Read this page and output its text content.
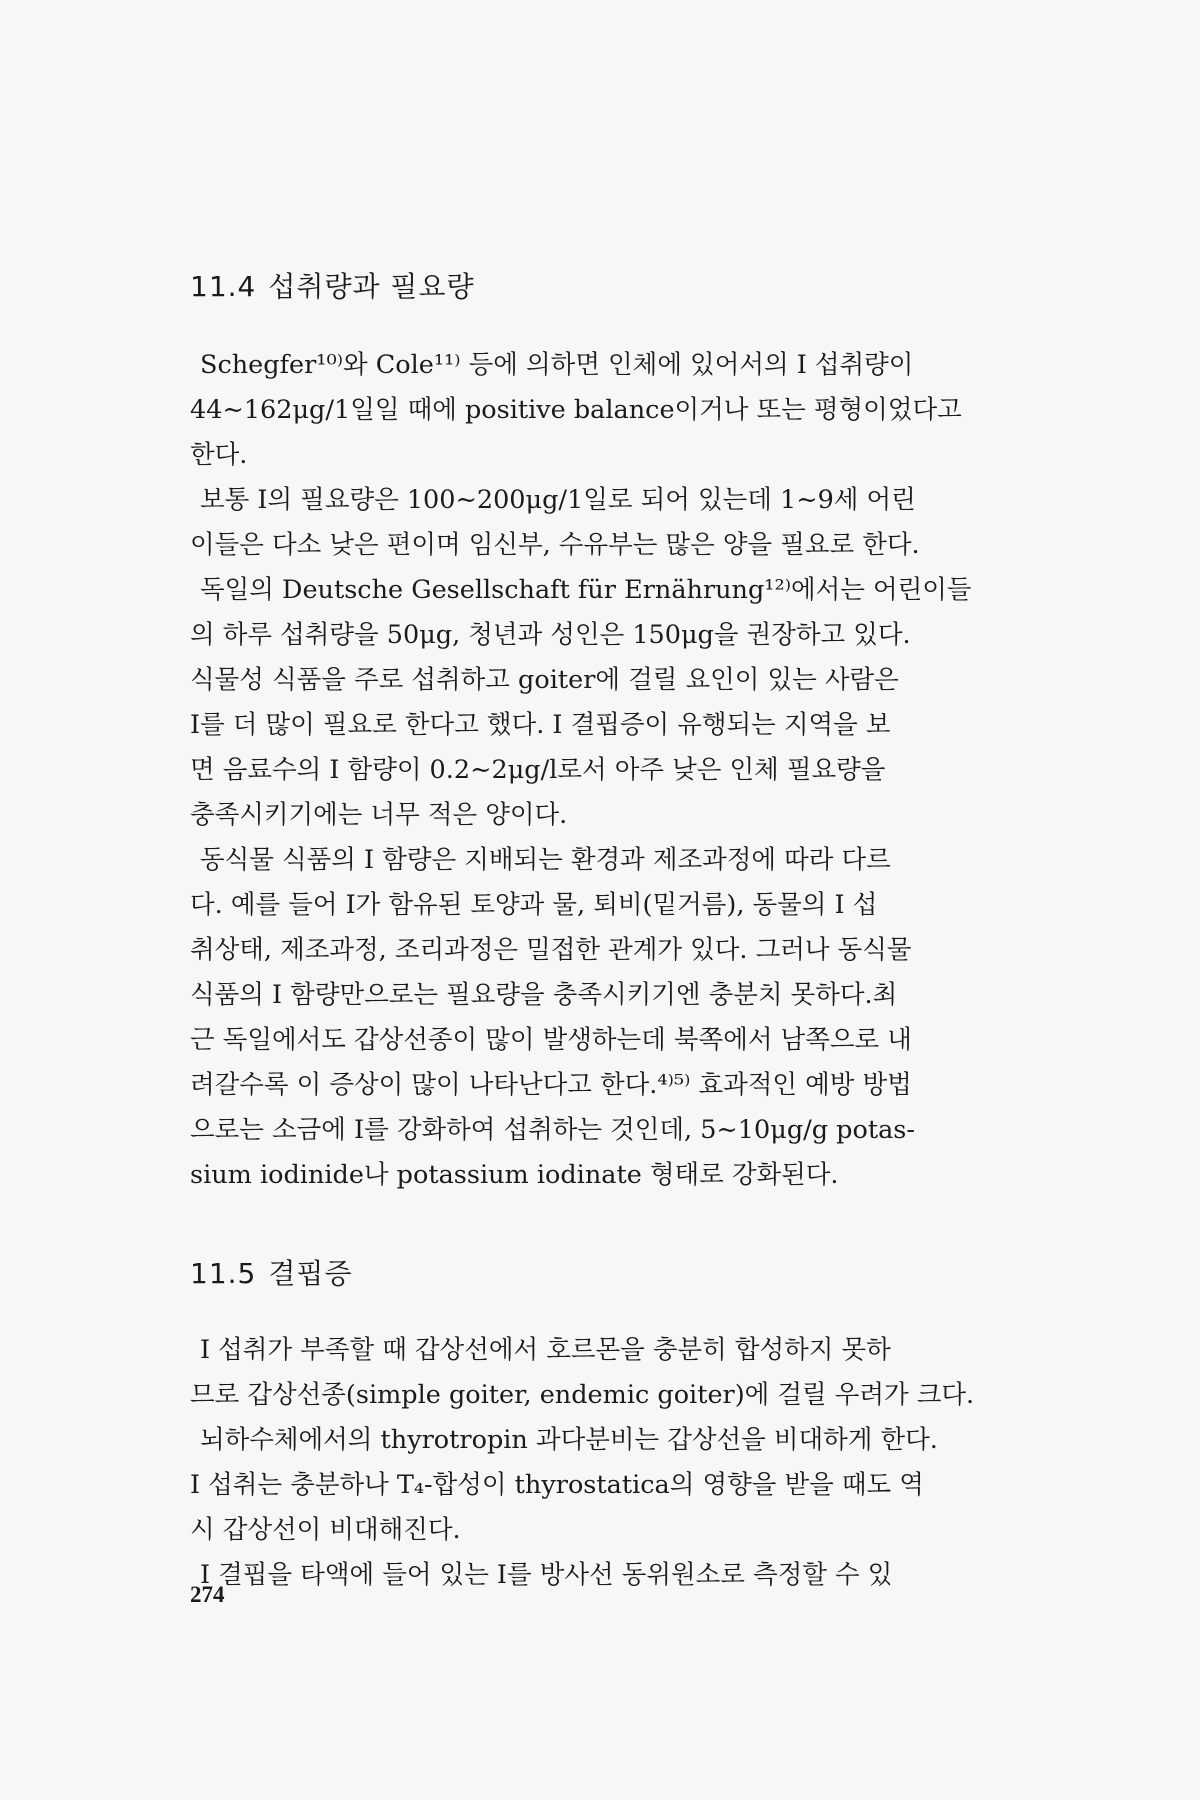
11.4 섭취량과 필요량

Schegfer¹⁰⁾와 Cole¹¹⁾ 등에 의하면 인체에 있어서의 I 섭취량이
44∼162μg/1일일 때에 positive balance이거나 또는 평형이었다고
한다.

보통 I의 필요량은 100∼200μg/1일로 되어 있는데 1∼9세 어린
이들은 다소 낮은 편이며 임신부, 수유부는 많은 양을 필요로 한다.
독일의 Deutsche Gesellschaft für Ernährung¹²⁾에서는 어린이들
의 하루 섭취량을 50μg, 청년과 성인은 150μg을 권장하고 있다.
식물성 식품을 주로 섭취하고 goiter에 걸릴 요인이 있는 사람은
I를 더 많이 필요로 한다고 했다. I 결핍증이 유행되는 지역을 보
면 음료수의 I 함량이 0.2∼2μg/l로서 아주 낮은 인체 필요량을
충족시키기에는 너무 적은 양이다.

동식물 식품의 I 함량은 지배되는 환경과 제조과정에 따라 다르
다. 예를 들어 I가 함유된 토양과 물, 퇴비(밑거름), 동물의 I 섭
취상태, 제조과정, 조리과정은 밀접한 관계가 있다. 그러나 동식물
식품의 I 함량만으로는 필요량을 충족시키기엔 충분치 못하다.최
근 독일에서도 갑상선종이 많이 발생하는데 북쪽에서 남쪽으로 내
려갈수록 이 증상이 많이 나타난다고 한다.⁴⁾⁵⁾ 효과적인 예방 방법
으로는 소금에 I를 강화하여 섭취하는 것인데, 5∼10μg/g potas-
sium iodinide나 potassium iodinate 형태로 강화된다.

11.5 결핍증

I 섭취가 부족할 때 갑상선에서 호르몬을 충분히 합성하지 못하
므로 갑상선종(simple goiter, endemic goiter)에 걸릴 우려가 크다.
뇌하수체에서의 thyrotropin 과다분비는 갑상선을 비대하게 한다.
I 섭취는 충분하나 T₄-합성이 thyrostatica의 영향을 받을 때도 역
시 갑상선이 비대해진다.
I 결핍을 타액에 들어 있는 I를 방사선 동위원소로 측정할 수 있

274
